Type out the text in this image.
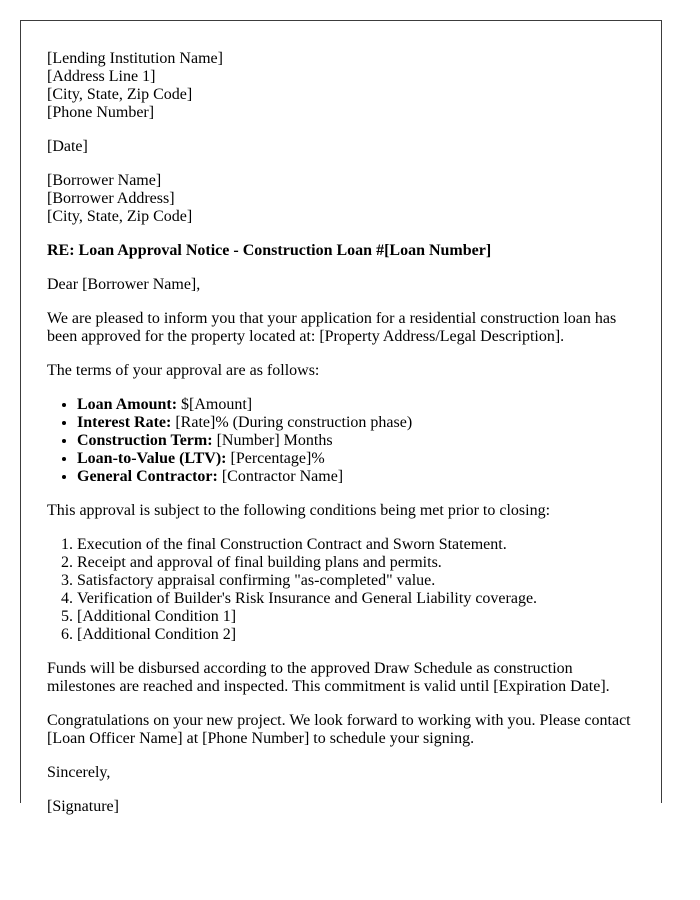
[Lending Institution Name]
[Address Line 1]
[City, State, Zip Code]
[Phone Number]

[Date]

[Borrower Name]
[Borrower Address]
[City, State, Zip Code]

RE: Loan Approval Notice - Construction Loan #[Loan Number]

Dear [Borrower Name],

We are pleased to inform you that your application for a residential construction loan has been approved for the property located at: [Property Address/Legal Description].

The terms of your approval are as follows:

• Loan Amount: $[Amount]
• Interest Rate: [Rate]% (During construction phase)
• Construction Term: [Number] Months
• Loan-to-Value (LTV): [Percentage]%
• General Contractor: [Contractor Name]

This approval is subject to the following conditions being met prior to closing:

1. Execution of the final Construction Contract and Sworn Statement.
2. Receipt and approval of final building plans and permits.
3. Satisfactory appraisal confirming "as-completed" value.
4. Verification of Builder's Risk Insurance and General Liability coverage.
5. [Additional Condition 1]
6. [Additional Condition 2]

Funds will be disbursed according to the approved Draw Schedule as construction milestones are reached and inspected. This commitment is valid until [Expiration Date].

Congratulations on your new project. We look forward to working with you. Please contact [Loan Officer Name] at [Phone Number] to schedule your signing.

Sincerely,

[Signature]
